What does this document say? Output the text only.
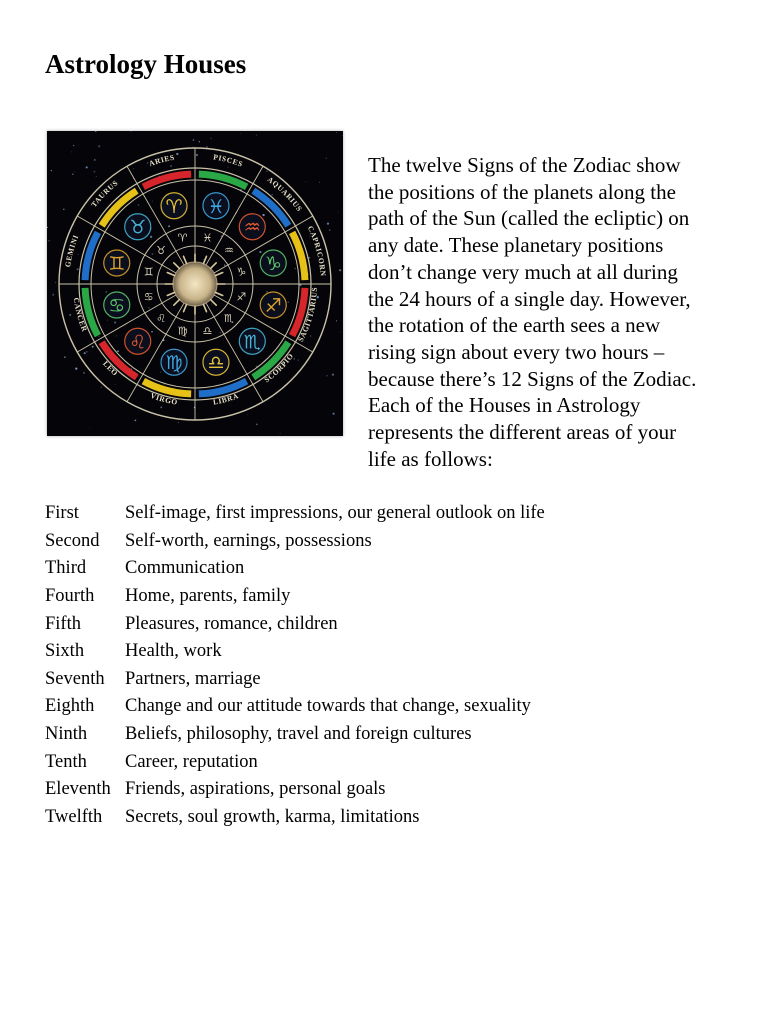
Astrology Houses
ARIES	PISCES
AQUARIUS
CAPRICORN
SAGITTARIUS
SCORPIO
LIBRA
VIRGO
LEO
CANCER
GEMINI
TAURUS
♈
♈
♓
♓ ♒
♒
♑
♑
♐
♐
♏
♏
♎
♎
♍
♍
♌
♌
♋ ♋
♊ ♊
♉
♉
The twelve Signs of the Zodiac show
the positions of the planets along the
path of the Sun (called the ecliptic) on
any date. These planetary positions
don’t change very much at all during
the 24 hours of a single day. However,
the rotation of the earth sees a new
rising sign about every two hours –
because there’s 12 Signs of the Zodiac.
Each of the Houses in Astrology
represents the different areas of your
life as follows:
First	Self-image, first impressions, our general outlook on life
Second	Self-worth, earnings, possessions
Third	Communication
Fourth	Home, parents, family
Fifth	Pleasures, romance, children
Sixth	Health, work
Seventh	Partners, marriage
Eighth	Change and our attitude towards that change, sexuality
Ninth	Beliefs, philosophy, travel and foreign cultures
Tenth	Career, reputation
Eleventh Friends, aspirations, personal goals
Twelfth	Secrets, soul growth, karma, limitations
